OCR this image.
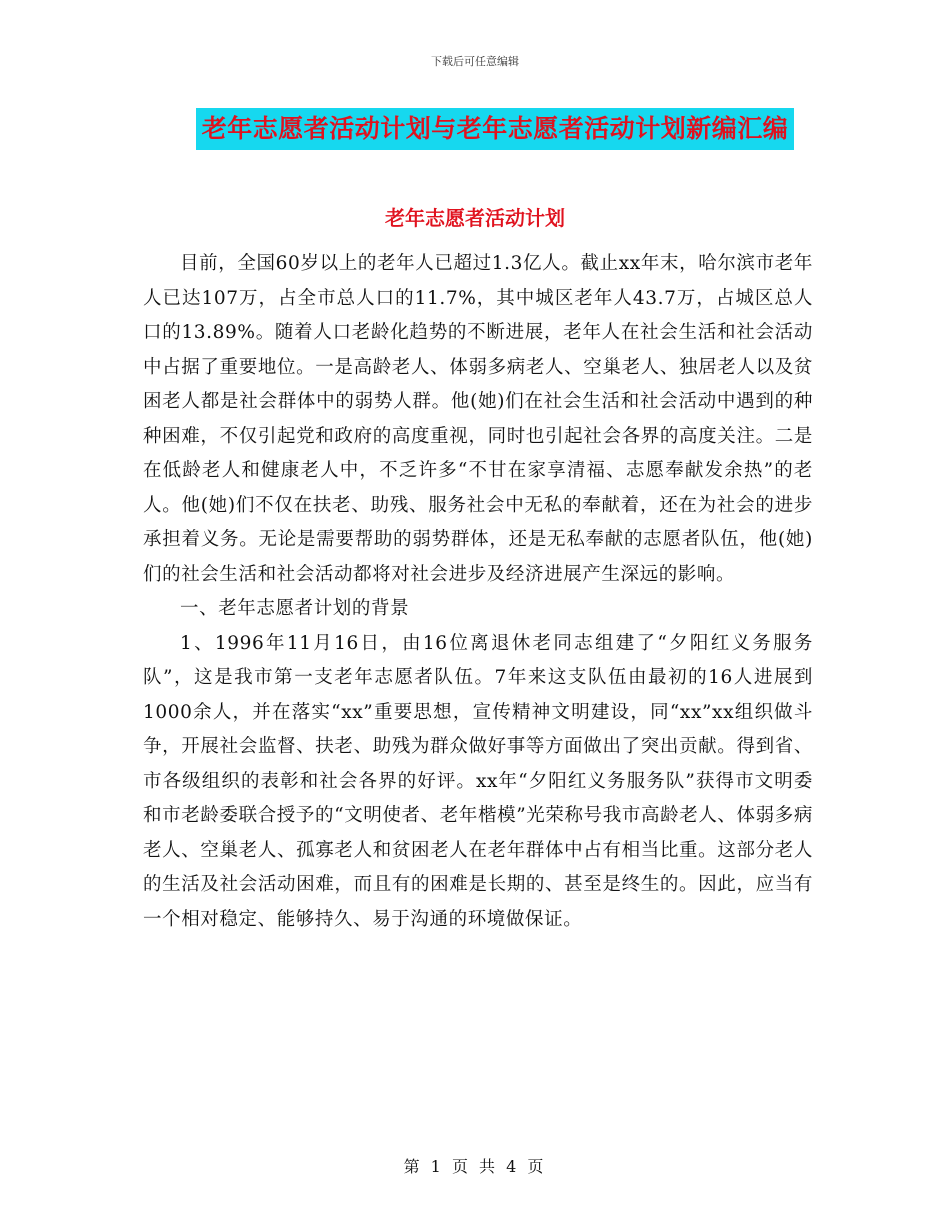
下载后可任意编辑
老年志愿者活动计划与老年志愿者活动计划新编汇编
老年志愿者活动计划

目前，全国60岁以上的老年人已超过1.3亿人。截止xx年末，哈尔滨市老年人已达107万，占全市总人口的11.7%，其中城区老年人43.7万，占城区总人口的13.89%。随着人口老龄化趋势的不断进展，老年人在社会生活和社会活动中占据了重要地位。一是高龄老人、体弱多病老人、空巢老人、独居老人以及贫困老人都是社会群体中的弱势人群。他(她)们在社会生活和社会活动中遇到的种种困难，不仅引起党和政府的高度重视，同时也引起社会各界的高度关注。二是在低龄老人和健康老人中，不乏许多“不甘在家享清福、志愿奉献发余热”的老人。他(她)们不仅在扶老、助残、服务社会中无私的奉献着，还在为社会的进步承担着义务。无论是需要帮助的弱势群体，还是无私奉献的志愿者队伍，他(她)们的社会生活和社会活动都将对社会进步及经济进展产生深远的影响。

一、老年志愿者计划的背景

1、1996年11月16日，由16位离退休老同志组建了“夕阳红义务服务队”，这是我市第一支老年志愿者队伍。7年来这支队伍由最初的16人进展到1000余人，并在落实“xx”重要思想，宣传精神文明建设，同“xx”xx组织做斗争，开展社会监督、扶老、助残为群众做好事等方面做出了突出贡献。得到省、市各级组织的表彰和社会各界的好评。xx年“夕阳红义务服务队”获得市文明委和市老龄委联合授予的“文明使者、老年楷模”光荣称号我市高龄老人、体弱多病老人、空巢老人、孤寡老人和贫困老人在老年群体中占有相当比重。这部分老人的生活及社会活动困难，而且有的困难是长期的、甚至是终生的。因此，应当有一个相对稳定、能够持久、易于沟通的环境做保证。

第 1 页 共 4 页
